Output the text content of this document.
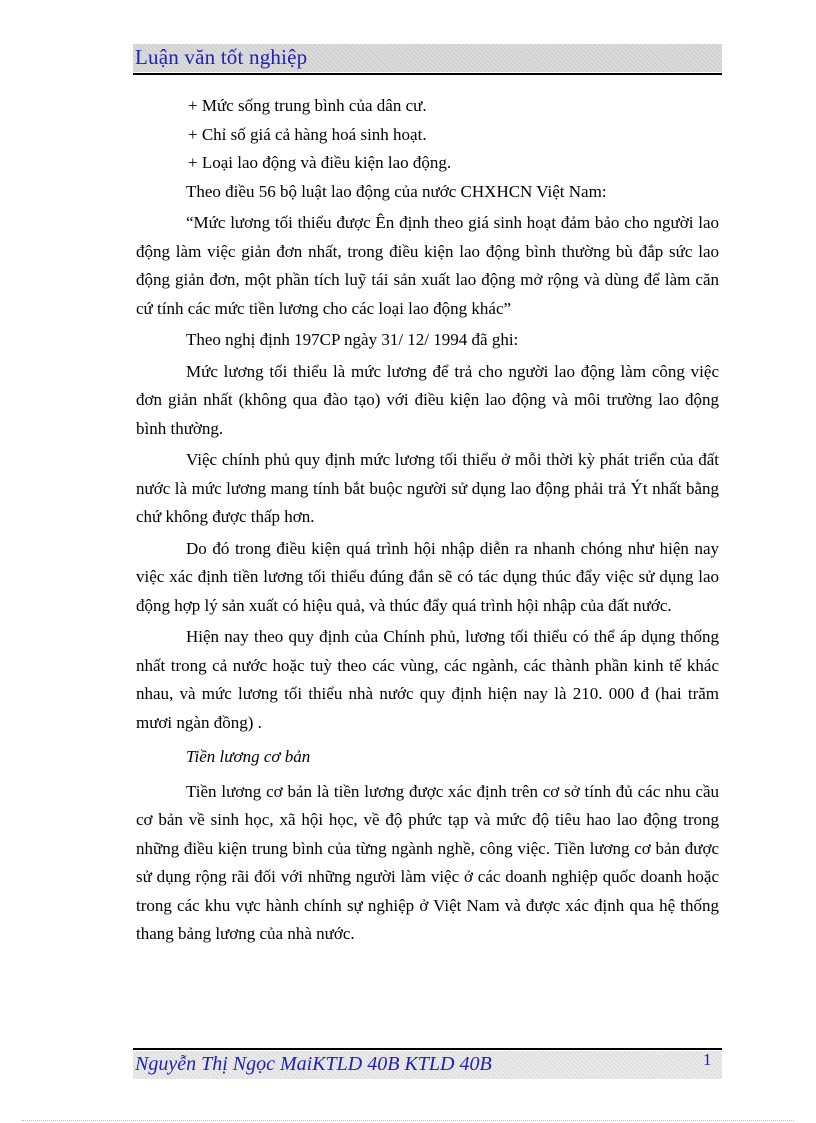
Luận văn tốt nghiệp

+ Mức sống trung bình của dân cư.

+ Chỉ số giá cả hàng hoá sinh hoạt.

+ Loại lao động và điều kiện lao động.

Theo điều 56 bộ luật lao động của nước CHXHCN Việt Nam:

“Mức lương tối thiểu được Ên định theo giá sinh hoạt đảm bảo cho người lao động làm việc giản đơn nhất, trong điều kiện lao động bình thường bù đắp sức lao động giản đơn, một phần tích luỹ tái sản xuất lao động mở rộng và dùng để làm căn cứ tính các mức tiền lương cho các loại lao động khác”

Theo nghị định 197CP ngày 31/ 12/ 1994 đã ghi:

Mức lương tối thiểu là mức lương để trả cho người lao động làm công việc đơn giản nhất (không qua đào tạo) với điều kiện lao động và môi trường lao động bình thường.

Việc chính phủ quy định mức lương tối thiểu ở mỗi thời kỳ phát triển của đất nước là mức lương mang tính bắt buộc người sử dụng lao động phải trả Ýt nhất bằng chứ không được thấp hơn.

Do đó trong điều kiện quá trình hội nhập diễn ra nhanh chóng như hiện nay việc xác định tiền lương tối thiểu đúng đắn sẽ có tác dụng thúc đẩy việc sử dụng lao động hợp lý sản xuất có hiệu quả, và thúc đẩy quá trình hội nhập của đất nước.

Hiện nay theo quy định của Chính phủ, lương tối thiểu có thể áp dụng thống nhất trong cả nước hoặc tuỳ theo các vùng, các ngành, các thành phần kinh tế khác nhau, và mức lương tối thiểu nhà nước quy định hiện nay là 210. 000 đ (hai trăm mươi ngàn đồng) .

Tiền lương cơ bản

Tiền lương cơ bản là tiền lương được xác định trên cơ sở tính đủ các nhu cầu cơ bản về sinh học, xã hội học, về độ phức tạp và mức độ tiêu hao lao động trong những điều kiện trung bình của từng ngành nghề, công việc. Tiền lương cơ bản được sử dụng rộng rãi đối với những người làm việc ở các doanh nghiệp quốc doanh hoặc trong các khu vực hành chính sự nghiệp ở Việt Nam và được xác định qua hệ thống thang bảng lương của nhà nước.

Nguyễn Thị Ngọc MaiKTLD 40B KTLD 40B	1
